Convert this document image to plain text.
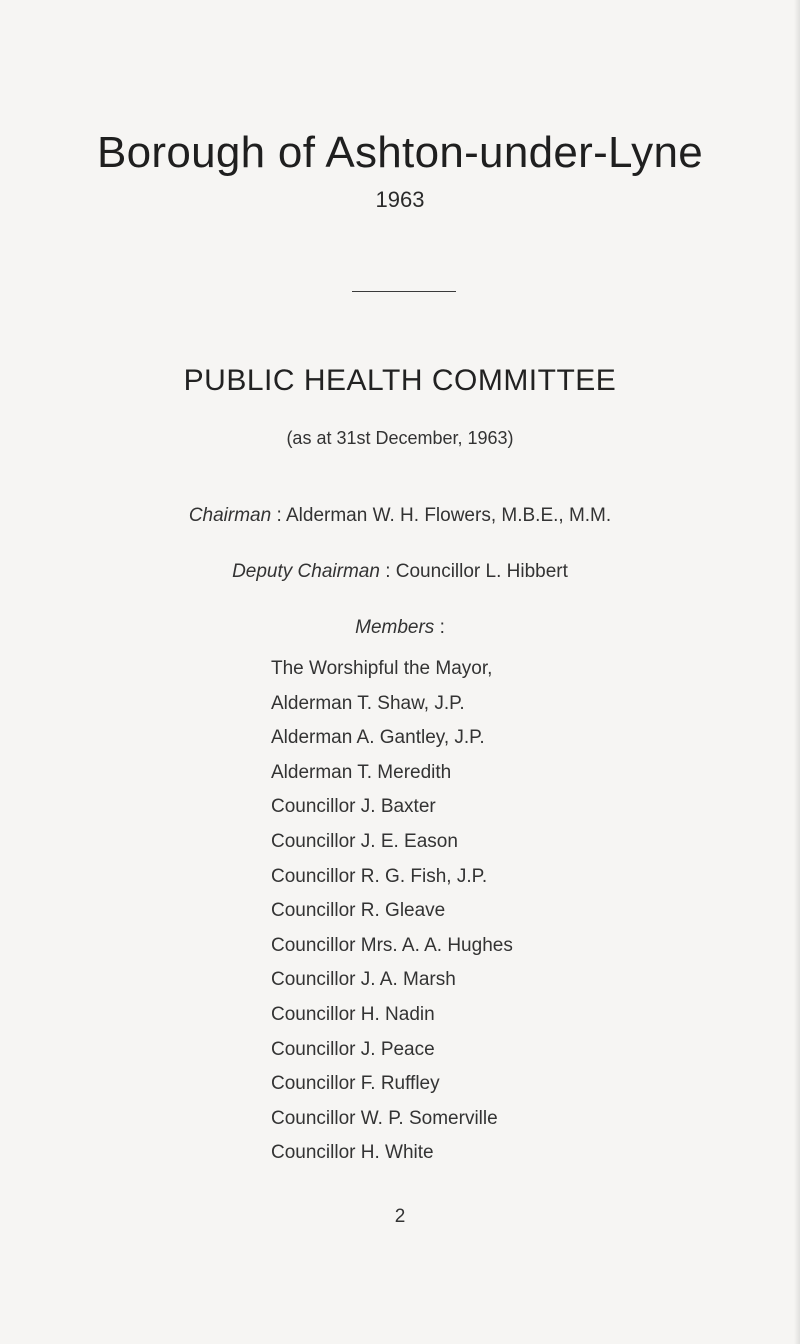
Borough of Ashton-under-Lyne
1963
PUBLIC HEALTH COMMITTEE
(as at 31st December, 1963)
Chairman : Alderman W. H. Flowers, M.B.E., M.M.
Deputy Chairman : Councillor L. Hibbert
Members :
The Worshipful the Mayor,
Alderman T. Shaw, J.P.
Alderman A. Gantley, J.P.
Alderman T. Meredith
Councillor J. Baxter
Councillor J. E. Eason
Councillor R. G. Fish, J.P.
Councillor R. Gleave
Councillor Mrs. A. A. Hughes
Councillor J. A. Marsh
Councillor H. Nadin
Councillor J. Peace
Councillor F. Ruffley
Councillor W. P. Somerville
Councillor H. White
2
